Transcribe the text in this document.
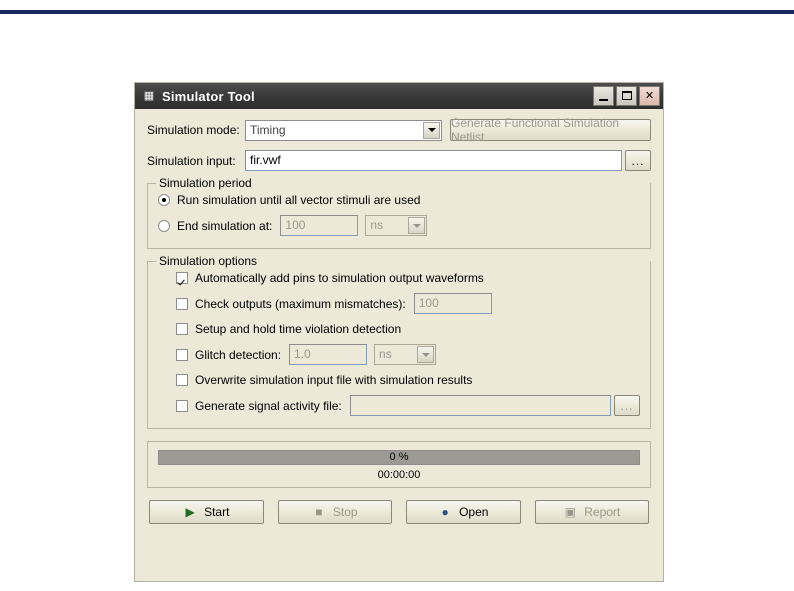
▦ Simulator Tool	✕
Simulation mode: Timing	Generate Functional Simulation Netlist
Simulation input:	fir.vwf	...
Simulation period
Run simulation until all vector stimuli are used
End simulation at:	100	ns
Simulation options
Automatically add pins to simulation output waveforms
Check outputs (maximum mismatches):	100
Setup and hold time violation detection
Glitch detection:	1.0	ns
Overwrite simulation input file with simulation results
Generate signal activity file:	...
0 %
00:00:00
▶ Start	■ Stop	● Open	▣ Report
